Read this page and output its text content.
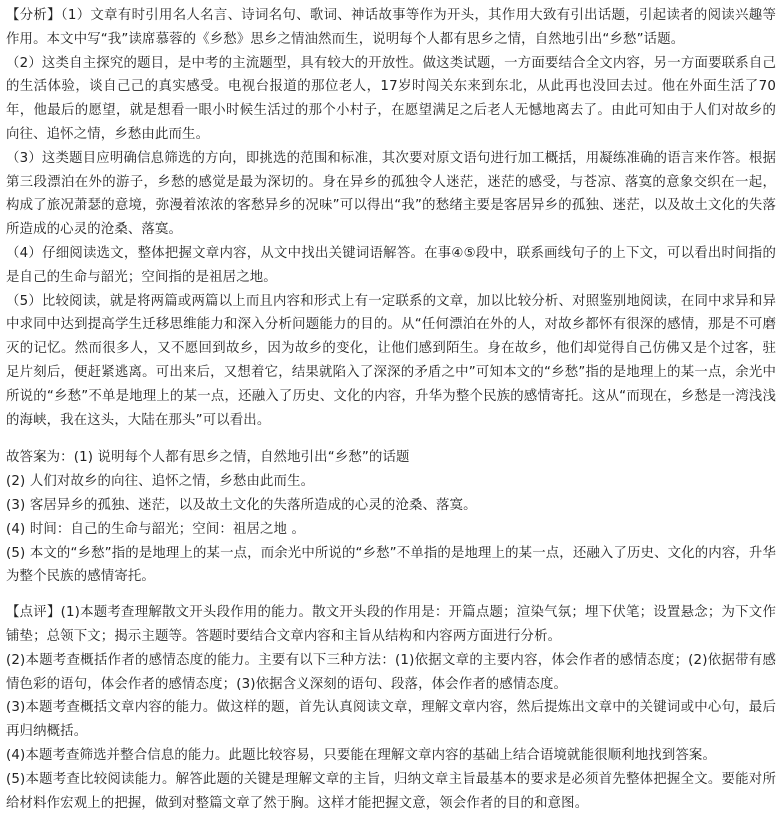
【分析】（1）文章有时引用名人名言、诗词名句、歌词、神话故事等作为开头，其作用大致有引出话题，引起读者的阅读兴趣等作用。本文中写“我”读席慕蓉的《乡愁》思乡之情油然而生，说明每个人都有思乡之情，自然地引出“乡愁”话题。

（2）这类自主探究的题目，是中考的主流题型，具有较大的开放性。做这类试题，一方面要结合全文内容，另一方面要联系自己的生活体验，谈自己己的真实感受。电视台报道的那位老人，17岁时闯关东来到东北，从此再也没回去过。他在外面生活了70年，他最后的愿望，就是想看一眼小时候生活过的那个小村子，在愿望满足之后老人无憾地离去了。由此可知由于人们对故乡的向往、追怀之情，乡愁由此而生。

（3）这类题目应明确信息筛选的方向，即挑选的范围和标准，其次要对原文语句进行加工概括，用凝练准确的语言来作答。根据第三段漂泊在外的游子，乡愁的感觉是最为深切的。身在异乡的孤独令人迷茫，迷茫的感受，与苍凉、落寞的意象交织在一起，构成了旅况萧瑟的意境，弥漫着浓浓的客愁异乡的况味”可以得出“我”的愁绪主要是客居异乡的孤独、迷茫，以及故土文化的失落所造成的心灵的沧桑、落寞。

（4）仔细阅读选文，整体把握文章内容，从文中找出关键词语解答。在事④⑤段中，联系画线句子的上下文，可以看出时间指的是自己的生命与韶光；空间指的是祖居之地。

（5）比较阅读，就是将两篇或两篇以上而且内容和形式上有一定联系的文章，加以比较分析、对照鉴别地阅读，在同中求异和异中求同中达到提高学生迁移思维能力和深入分析问题能力的目的。从“任何漂泊在外的人，对故乡都怀有很深的感情，那是不可磨灭的记忆。然而很多人，又不愿回到故乡，因为故乡的变化，让他们感到陌生。身在故乡，他们却觉得自己仿佛又是个过客，驻足片刻后，便赶紧逃离。可出来后，又想着它，结果就陷入了深深的矛盾之中”可知本文的“乡愁”指的是地理上的某一点，余光中所说的“乡愁”不单是地理上的某一点，还融入了历史、文化的内容，升华为整个民族的感情寄托。这从“而现在，乡愁是一湾浅浅的海峡，我在这头，大陆在那头”可以看出。

故答案为：(1) 说明每个人都有思乡之情，自然地引出“乡愁”的话题

(2) 人们对故乡的向往、追怀之情，乡愁由此而生。

(3) 客居异乡的孤独、迷茫，以及故土文化的失落所造成的心灵的沧桑、落寞。

(4) 时间：自己的生命与韶光；空间：祖居之地 。

(5) 本文的“乡愁”指的是地理上的某一点，而余光中所说的“乡愁”不单指的是地理上的某一点，还融入了历史、文化的内容，升华为整个民族的感情寄托。

【点评】(1)本题考查理解散文开头段作用的能力。散文开头段的作用是：开篇点题；渲染气氛；埋下伏笔；设置悬念；为下文作铺垫；总领下文；揭示主题等。答题时要结合文章内容和主旨从结构和内容两方面进行分析。

(2)本题考查概括作者的感情态度的能力。主要有以下三种方法：(1)依据文章的主要内容，体会作者的感情态度；(2)依据带有感情色彩的语句，体会作者的感情态度；(3)依据含义深刻的语句、段落，体会作者的感情态度。

(3)本题考查概括文章内容的能力。做这样的题，首先认真阅读文章，理解文章内容，然后提炼出文章中的关键词或中心句，最后再归纳概括。

(4)本题考查筛选并整合信息的能力。此题比较容易，只要能在理解文章内容的基础上结合语境就能很顺利地找到答案。

(5)本题考查比较阅读能力。解答此题的关键是理解文章的主旨，归纳文章主旨最基本的要求是必须首先整体把握全文。要能对所给材料作宏观上的把握，做到对整篇文章了然于胸。这样才能把握文意，领会作者的目的和意图。
